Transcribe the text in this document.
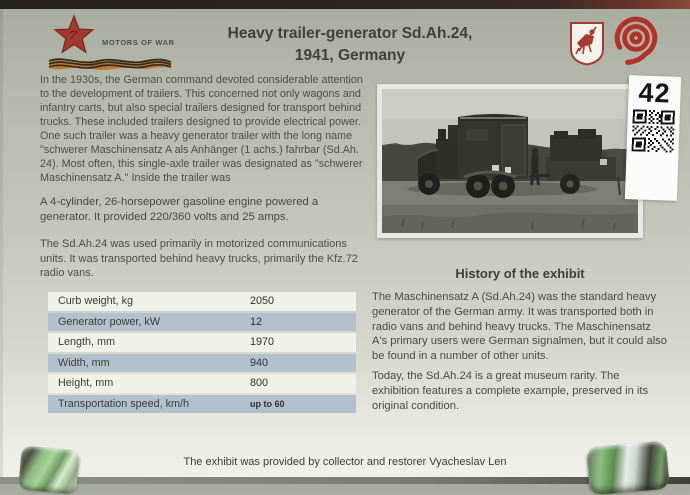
MOTORS OF WAR
Heavy trailer-generator Sd.Ah.24,
1941, Germany
In the 1930s, the German command devoted considerable attention to the development of trailers. This concerned not only wagons and infantry carts, but also special trailers designed for transport behind trucks. These included trailers designed to provide electrical power. One such trailer was a heavy generator trailer with the long name "schwerer Maschinensatz A als Anhänger (1 achs.) fahrbar (Sd.Ah. 24). Most often, this single-axle trailer was designated as "schwerer Maschinensatz A." Inside the trailer was
A 4-cylinder, 26-horsepower gasoline engine powered a generator. It provided 220/360 volts and 25 amps.
The Sd.Ah.24 was used primarily in motorized communications units. It was transported behind heavy trucks, primarily the Kfz.72 radio vans.
Curb weight, kg	2050
Generator power, kW	12
Length, mm	1970
Width, mm	940
Height, mm	800
Transportation speed, km/h	up to 60
42
History of the exhibit
The Maschinensatz A (Sd.Ah.24) was the standard heavy generator of the German army. It was transported both in radio vans and behind heavy trucks. The Maschinensatz A's primary users were German signalmen, but it could also be found in a number of other units.
Today, the Sd.Ah.24 is a great museum rarity. The exhibition features a complete example, preserved in its original condition.
The exhibit was provided by collector and restorer Vyacheslav Len
